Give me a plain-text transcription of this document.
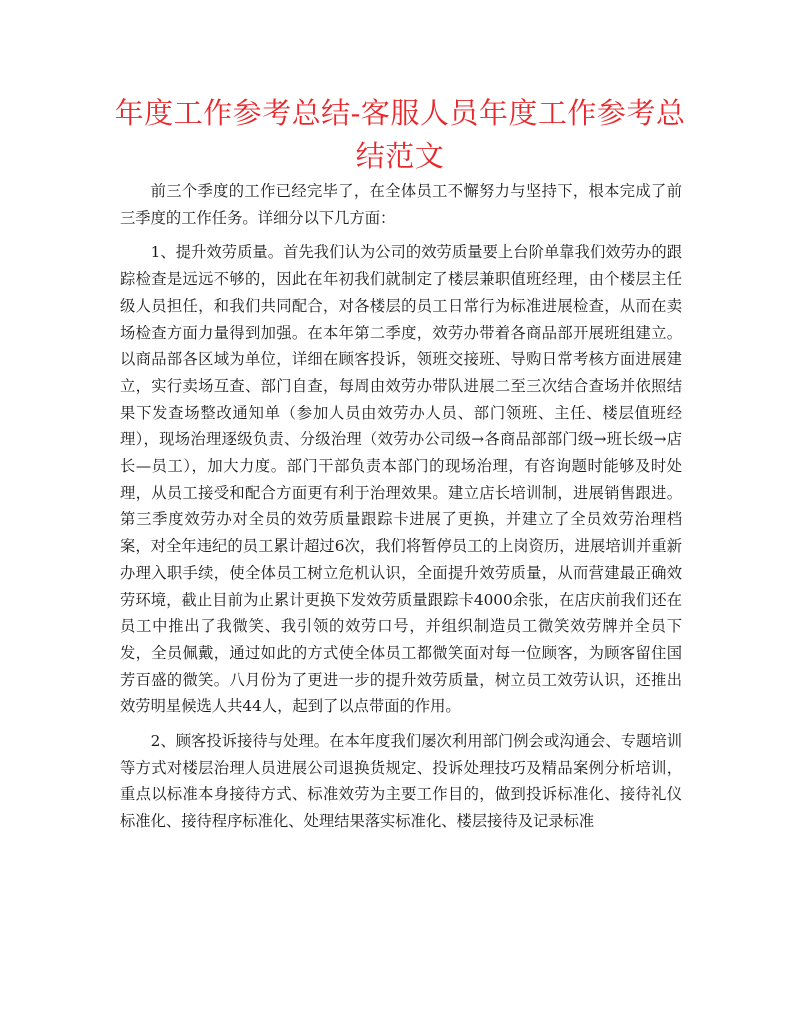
年度工作参考总结-客服人员年度工作参考总结范文

前三个季度的工作已经完毕了，在全体员工不懈努力与坚持下，根本完成了前三季度的工作任务。详细分以下几方面：

1、提升效劳质量。首先我们认为公司的效劳质量要上台阶单靠我们效劳办的跟踪检查是远远不够的，因此在年初我们就制定了楼层兼职值班经理，由个楼层主任级人员担任，和我们共同配合，对各楼层的员工日常行为标准进展检查，从而在卖场检查方面力量得到加强。在本年第二季度，效劳办带着各商品部开展班组建立。以商品部各区域为单位，详细在顾客投诉，领班交接班、导购日常考核方面进展建立，实行卖场互查、部门自查，每周由效劳办带队进展二至三次结合查场并依照结果下发查场整改通知单（参加人员由效劳办人员、部门领班、主任、楼层值班经理），现场治理逐级负责、分级治理（效劳办公司级→各商品部部门级→班长级→店长—员工），加大力度。部门干部负责本部门的现场治理，有咨询题时能够及时处理，从员工接受和配合方面更有利于治理效果。建立店长培训制，进展销售跟进。第三季度效劳办对全员的效劳质量跟踪卡进展了更换，并建立了全员效劳治理档案，对全年违纪的员工累计超过6次，我们将暂停员工的上岗资历，进展培训并重新办理入职手续，使全体员工树立危机认识，全面提升效劳质量，从而营建最正确效劳环境，截止目前为止累计更换下发效劳质量跟踪卡4000余张，在店庆前我们还在员工中推出了我微笑、我引领的效劳口号，并组织制造员工微笑效劳牌并全员下发，全员佩戴，通过如此的方式使全体员工都微笑面对每一位顾客，为顾客留住国芳百盛的微笑。八月份为了更进一步的提升效劳质量，树立员工效劳认识，还推出效劳明星候选人共44人，起到了以点带面的作用。

2、顾客投诉接待与处理。在本年度我们屡次利用部门例会或沟通会、专题培训等方式对楼层治理人员进展公司退换货规定、投诉处理技巧及精品案例分析培训，重点以标准本身接待方式、标准效劳为主要工作目的，做到投诉标准化、接待礼仪标准化、接待程序标准化、处理结果落实标准化、楼层接待及记录标准
